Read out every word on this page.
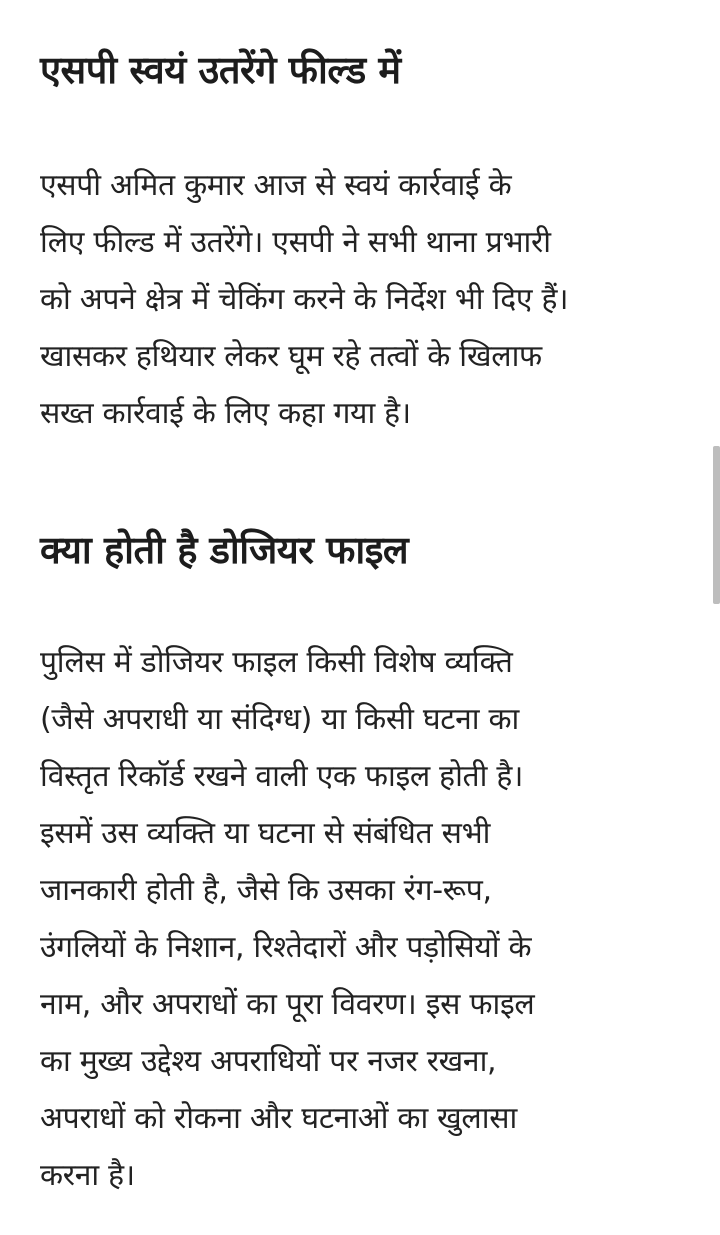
एसपी स्वयं उतरेंगे फील्ड में

एसपी अमित कुमार आज से स्वयं कार्रवाई के
लिए फील्ड में उतरेंगे। एसपी ने सभी थाना प्रभारी
को अपने क्षेत्र में चेकिंग करने के निर्देश भी दिए हैं।
खासकर हथियार लेकर घूम रहे तत्वों के खिलाफ
सख्त कार्रवाई के लिए कहा गया है।

क्या होती है डोजियर फाइल

पुलिस में डोजियर फाइल किसी विशेष व्यक्ति
(जैसे अपराधी या संदिग्ध) या किसी घटना का
विस्तृत रिकॉर्ड रखने वाली एक फाइल होती है।
इसमें उस व्यक्ति या घटना से संबंधित सभी
जानकारी होती है, जैसे कि उसका रंग-रूप,
उंगलियों के निशान, रिश्तेदारों और पड़ोसियों के
नाम, और अपराधों का पूरा विवरण। इस फाइल
का मुख्य उद्देश्य अपराधियों पर नजर रखना,
अपराधों को रोकना और घटनाओं का खुलासा
करना है।
